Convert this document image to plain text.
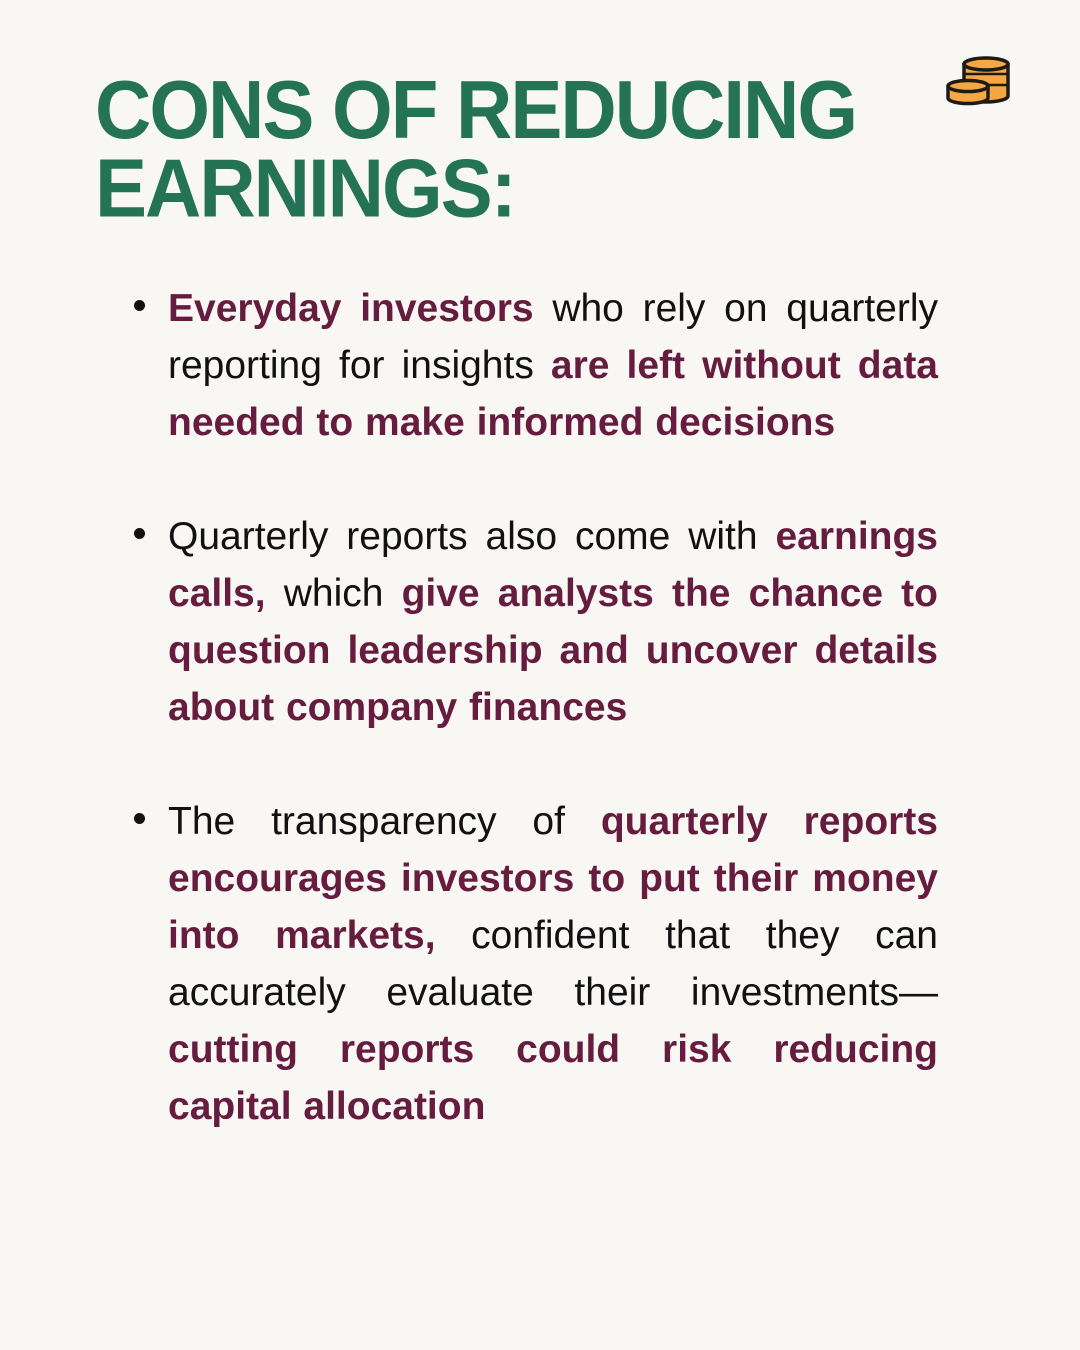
CONS OF REDUCING EARNINGS:
Everyday investors who rely on quarterly reporting for insights are left without data needed to make informed decisions
Quarterly reports also come with earnings calls, which give analysts the chance to question leadership and uncover details about company finances
The transparency of quarterly reports encourages investors to put their money into markets, confident that they can accurately evaluate their investments—cutting reports could risk reducing capital allocation
